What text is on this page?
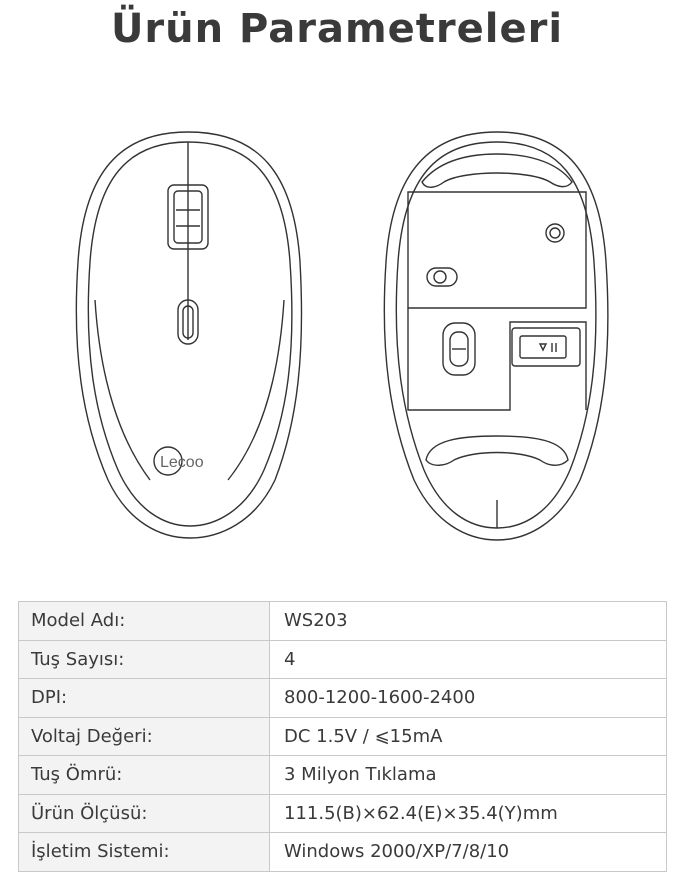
Ürün Parametreleri
Lecoo
Model Adı:	WS203
Tuş Sayısı:	4
DPI:	800-1200-1600-2400
Voltaj Değeri:	DC 1.5V / ⩽15mA
Tuş Ömrü:	3 Milyon Tıklama
Ürün Ölçüsü:	111.5(B)×62.4(E)×35.4(Y)mm
İşletim Sistemi:	Windows 2000/XP/7/8/10
